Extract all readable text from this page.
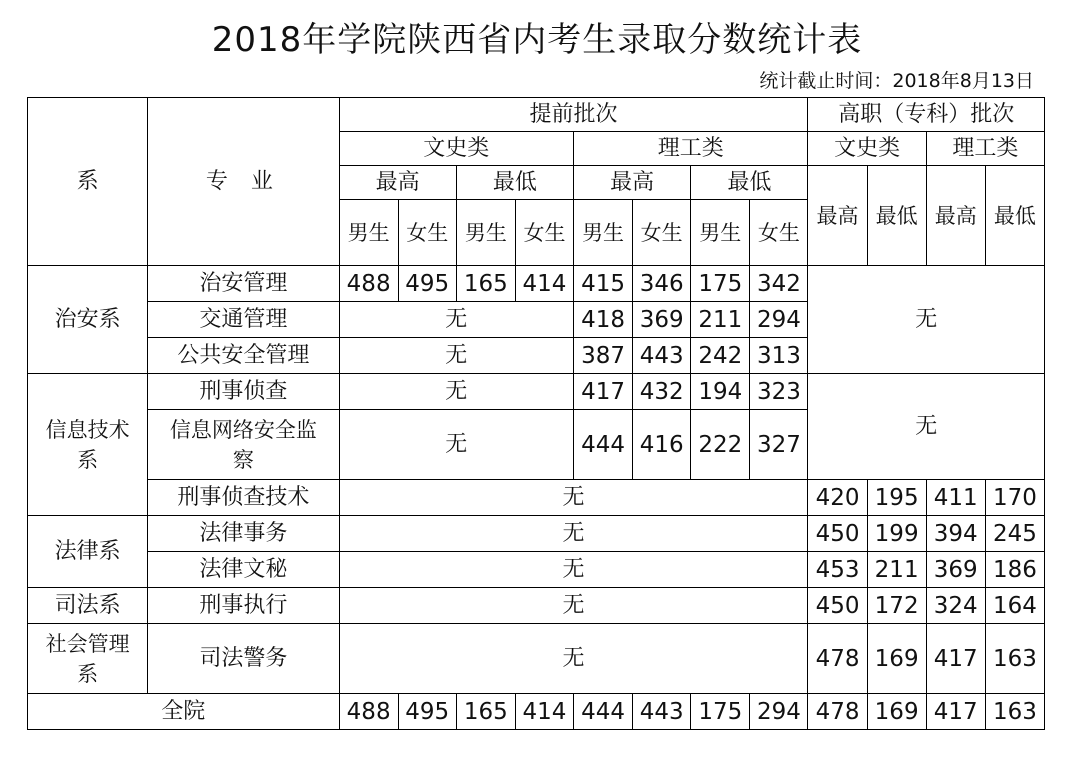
2018年学院陕西省内考生录取分数统计表
统计截止时间：2018年8月13日
系	专 业	提前批次								高职（专科）批次			
		文史类				理工类				文史类		理工类	
		最高		最低		最高		最低		最高	最低	最高	最低
		男生	女生	男生	女生	男生	女生	男生	女生				
治安系	治安管理	488	495	165	414	415	346	175	342	无			
	交通管理	无				418	369	211	294				
	公共安全管理	无				387	443	242	313				
信息技术系	刑事侦查	无				417	432	194	323	无			
	信息网络安全监察	无				444	416	222	327				
	刑事侦查技术	无								420	195	411	170
法律系	法律事务	无								450	199	394	245
	法律文秘	无								453	211	369	186
司法系	刑事执行	无								450	172	324	164
社会管理系	司法警务	无								478	169	417	163
全院		488	495	165	414	444	443	175	294	478	169	417	163
